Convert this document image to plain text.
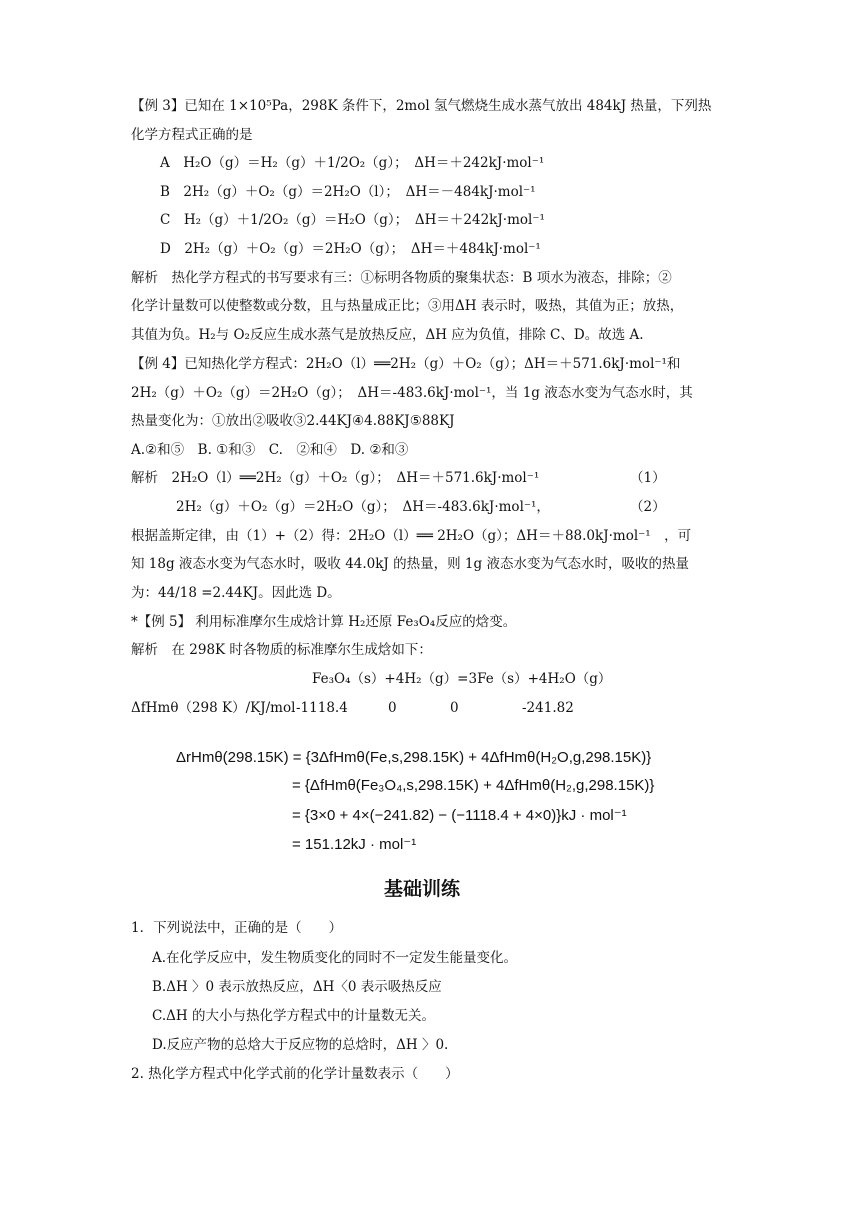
【例 3】已知在 1×10⁵Pa，298K 条件下，2mol 氢气燃烧生成水蒸气放出 484kJ 热量，下列热
化学方程式正确的是
A　H₂O（g）＝H₂（g）＋1/2O₂（g）；　ΔH＝＋242kJ·mol⁻¹
B　2H₂（g）＋O₂（g）＝2H₂O（l）；　ΔH＝－484kJ·mol⁻¹
C　H₂（g）＋1/2O₂（g）＝H₂O（g）；　ΔH＝＋242kJ·mol⁻¹
D　2H₂（g）＋O₂（g）＝2H₂O（g）；　ΔH＝＋484kJ·mol⁻¹
解析　热化学方程式的书写要求有三：①标明各物质的聚集状态：B 项水为液态，排除；②
化学计量数可以使整数或分数，且与热量成正比；③用ΔH 表示时，吸热，其值为正；放热，
其值为负。H₂与 O₂反应生成水蒸气是放热反应，ΔH 应为负值，排除 C、D。故选 A.
【例 4】已知热化学方程式：2H₂O（l）══2H₂（g）＋O₂（g）；ΔH＝＋571.6kJ·mol⁻¹和
2H₂（g）＋O₂（g）＝2H₂O（g）；　ΔH＝-483.6kJ·mol⁻¹，当 1g 液态水变为气态水时，其
热量变化为：①放出②吸收③2.44KJ④4.88KJ⑤88KJ
A.②和⑤　B. ①和③　C.　②和④　D. ②和③
解析　2H₂O（l）══2H₂（g）＋O₂（g）；　ΔH＝＋571.6kJ·mol⁻¹	（1）
2H₂（g）＋O₂（g）＝2H₂O（g）；　ΔH＝-483.6kJ·mol⁻¹，	（2）
根据盖斯定律，由（1）+（2）得：2H₂O（l）══ 2H₂O（g）；ΔH＝＋88.0kJ·mol⁻¹　，可
知 18g 液态水变为气态水时，吸收 44.0kJ 的热量，则 1g 液态水变为气态水时，吸收的热量
为：44/18 =2.44KJ。因此选 D。
*【例 5】 利用标准摩尔生成焓计算 H₂还原 Fe₃O₄反应的焓变。
解析　在 298K 时各物质的标准摩尔生成焓如下：
Fe₃O₄（s）+4H₂（g）=3Fe（s）+4H₂O（g）
ΔfHmθ（298 K）/KJ/mol -1118.4	0	0	-241.82
ΔrHmθ(298.15K) = {3ΔfHmθ(Fe,s,298.15K) + 4ΔfHmθ(H₂O,g,298.15K)}
= {ΔfHmθ(Fe₃O₄,s,298.15K) + 4ΔfHmθ(H₂,g,298.15K)}
= {3×0 + 4×(−241.82) − (−1118.4 + 4×0)}kJ · mol⁻¹
= 151.12kJ · mol⁻¹
基础训练
1．下列说法中，正确的是（　　）
A.在化学反应中，发生物质变化的同时不一定发生能量变化。
B.ΔH 〉0 表示放热反应，ΔH〈0 表示吸热反应
C.ΔH 的大小与热化学方程式中的计量数无关。
D.反应产物的总焓大于反应物的总焓时，ΔH 〉0.
2. 热化学方程式中化学式前的化学计量数表示（　　）
